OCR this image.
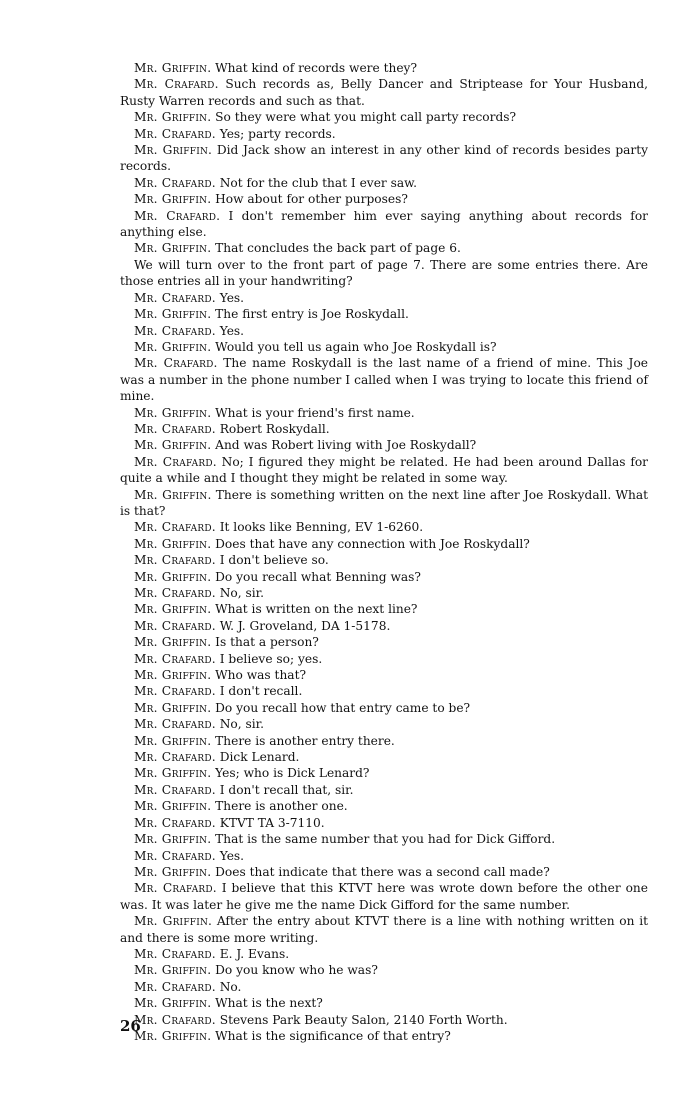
Mr. Griffin. What kind of records were they?

Mr. Crafard. Such records as, Belly Dancer and Striptease for Your Husband, Rusty Warren records and such as that.

Mr. Griffin. So they were what you might call party records?

Mr. Crafard. Yes; party records.

Mr. Griffin. Did Jack show an interest in any other kind of records besides party records.

Mr. Crafard. Not for the club that I ever saw.

Mr. Griffin. How about for other purposes?

Mr. Crafard. I don't remember him ever saying anything about records for anything else.

Mr. Griffin. That concludes the back part of page 6.

We will turn over to the front part of page 7. There are some entries there. Are those entries all in your handwriting?

Mr. Crafard. Yes.

Mr. Griffin. The first entry is Joe Roskydall.

Mr. Crafard. Yes.

Mr. Griffin. Would you tell us again who Joe Roskydall is?

Mr. Crafard. The name Roskydall is the last name of a friend of mine. This Joe was a number in the phone number I called when I was trying to locate this friend of mine.

Mr. Griffin. What is your friend's first name.

Mr. Crafard. Robert Roskydall.

Mr. Griffin. And was Robert living with Joe Roskydall?

Mr. Crafard. No; I figured they might be related. He had been around Dallas for quite a while and I thought they might be related in some way.

Mr. Griffin. There is something written on the next line after Joe Roskydall. What is that?

Mr. Crafard. It looks like Benning, EV 1-6260.

Mr. Griffin. Does that have any connection with Joe Roskydall?

Mr. Crafard. I don't believe so.

Mr. Griffin. Do you recall what Benning was?

Mr. Crafard. No, sir.

Mr. Griffin. What is written on the next line?

Mr. Crafard. W. J. Groveland, DA 1-5178.

Mr. Griffin. Is that a person?

Mr. Crafard. I believe so; yes.

Mr. Griffin. Who was that?

Mr. Crafard. I don't recall.

Mr. Griffin. Do you recall how that entry came to be?

Mr. Crafard. No, sir.

Mr. Griffin. There is another entry there.

Mr. Crafard. Dick Lenard.

Mr. Griffin. Yes; who is Dick Lenard?

Mr. Crafard. I don't recall that, sir.

Mr. Griffin. There is another one.

Mr. Crafard. KTVT TA 3-7110.

Mr. Griffin. That is the same number that you had for Dick Gifford.

Mr. Crafard. Yes.

Mr. Griffin. Does that indicate that there was a second call made?

Mr. Crafard. I believe that this KTVT here was wrote down before the other one was. It was later he give me the name Dick Gifford for the same number.

Mr. Griffin. After the entry about KTVT there is a line with nothing written on it and there is some more writing.

Mr. Crafard. E. J. Evans.

Mr. Griffin. Do you know who he was?

Mr. Crafard. No.

Mr. Griffin. What is the next?

Mr. Crafard. Stevens Park Beauty Salon, 2140 Forth Worth.

Mr. Griffin. What is the significance of that entry?

26
